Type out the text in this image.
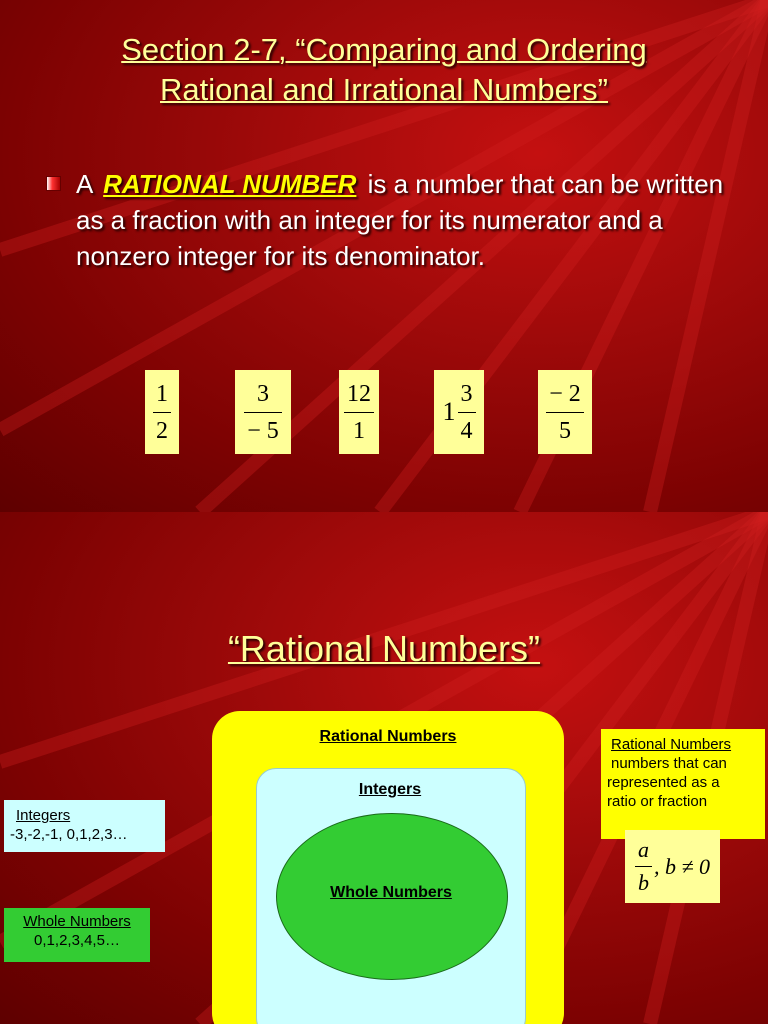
Section 2-7, “Comparing and Ordering
Rational and Irrational Numbers”
A RATIONAL NUMBER is a number that can be written as a fraction with an integer for its numerator and a nonzero integer for its denominator.
$\frac{1}{2}$	$\frac{3}{- 5}$	$\frac{12}{1}$	$1 \frac{3}{4}$	$\frac{- 2}{5}$
“Rational Numbers”
Rational Numbers
Integers
Whole Numbers
Integers
-3,-2,-1, 0,1,2,3…
Whole Numbers
0,1,2,3,4,5…
Rational Numbers
numbers that can
represented as a
ratio or fraction
$\frac{a}{b}$ , b ≠ 0
